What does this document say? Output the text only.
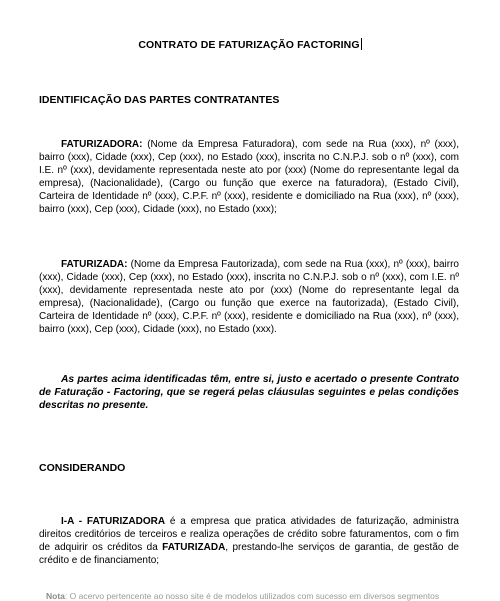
CONTRATO DE FATURIZAÇÃO FACTORING
IDENTIFICAÇÃO DAS PARTES CONTRATANTES
FATURIZADORA: (Nome da Empresa Faturadora), com sede na Rua (xxx), nº (xxx), bairro (xxx), Cidade (xxx), Cep (xxx), no Estado (xxx), inscrita no C.N.P.J. sob o nº (xxx), com I.E. nº (xxx), devidamente representada neste ato por (xxx) (Nome do representante legal da empresa), (Nacionalidade), (Cargo ou função que exerce na faturadora), (Estado Civil), Carteira de Identidade nº (xxx), C.P.F. nº (xxx), residente e domiciliado na Rua (xxx), nº (xxx), bairro (xxx), Cep (xxx), Cidade (xxx), no Estado (xxx);
FATURIZADA: (Nome da Empresa Fautorizada), com sede na Rua (xxx), nº (xxx), bairro (xxx), Cidade (xxx), Cep (xxx), no Estado (xxx), inscrita no C.N.P.J. sob o nº (xxx), com I.E. nº (xxx), devidamente representada neste ato por (xxx) (Nome do representante legal da empresa), (Nacionalidade), (Cargo ou função que exerce na fautorizada), (Estado Civil), Carteira de Identidade nº (xxx), C.P.F. nº (xxx), residente e domiciliado na Rua (xxx), nº (xxx), bairro (xxx), Cep (xxx), Cidade (xxx), no Estado (xxx).
As partes acima identificadas têm, entre si, justo e acertado o presente Contrato de Faturação - Factoring, que se regerá pelas cláusulas seguintes e pelas condições descritas no presente.
CONSIDERANDO
I-A - FATURIZADORA é a empresa que pratica atividades de faturização, administra direitos creditórios de terceiros e realiza operações de crédito sobre faturamentos, com o fim de adquirir os créditos da FATURIZADA, prestando-lhe serviços de garantia, de gestão de crédito e de financiamento;
Nota: O acervo pertencente ao nosso site é de modelos utilizados com sucesso em diversos segmentos
